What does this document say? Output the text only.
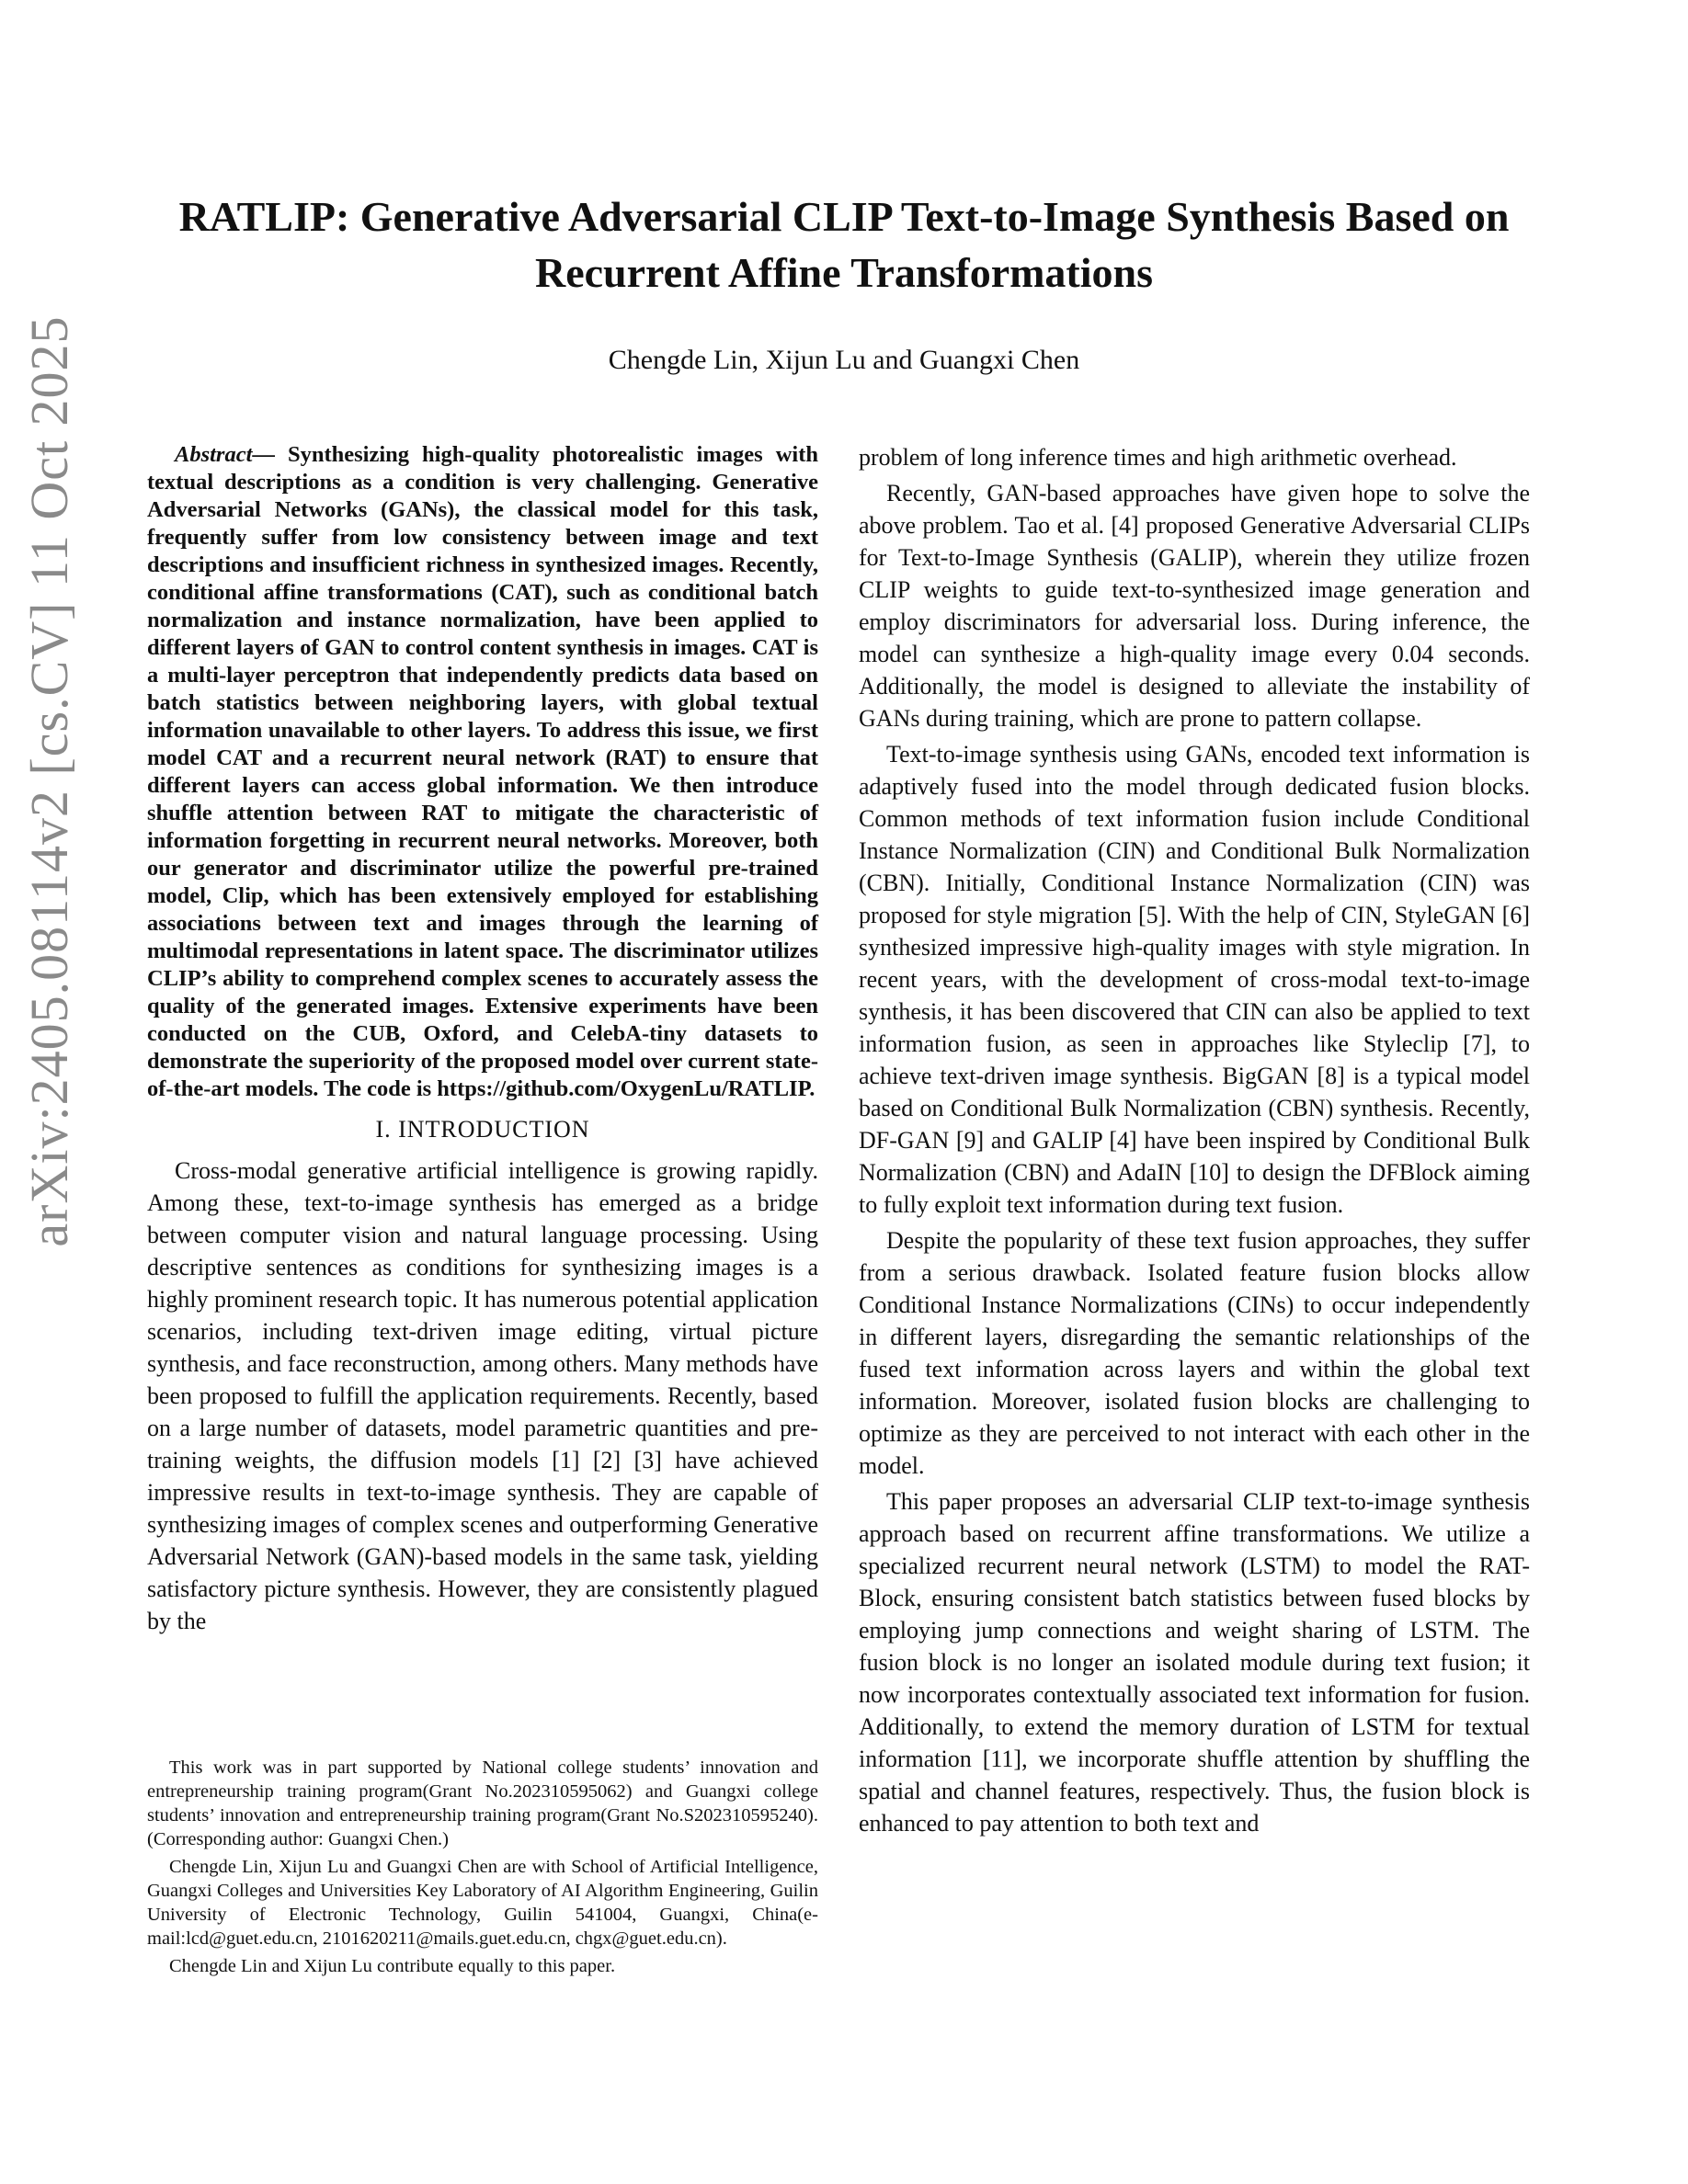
arXiv:2405.08114v2 [cs.CV] 11 Oct 2025
RATLIP: Generative Adversarial CLIP Text-to-Image Synthesis Based on Recurrent Affine Transformations
Chengde Lin, Xijun Lu and Guangxi Chen

Abstract— Synthesizing high-quality photorealistic images with textual descriptions as a condition is very challenging. Generative Adversarial Networks (GANs), the classical model for this task, frequently suffer from low consistency between image and text descriptions and insufficient richness in synthesized images. Recently, conditional affine transformations (CAT), such as conditional batch normalization and instance normalization, have been applied to different layers of GAN to control content synthesis in images. CAT is a multi-layer perceptron that independently predicts data based on batch statistics between neighboring layers, with global textual information unavailable to other layers. To address this issue, we first model CAT and a recurrent neural network (RAT) to ensure that different layers can access global information. We then introduce shuffle attention between RAT to mitigate the characteristic of information forgetting in recurrent neural networks. Moreover, both our generator and discriminator utilize the powerful pre-trained model, Clip, which has been extensively employed for establishing associations between text and images through the learning of multimodal representations in latent space. The discriminator utilizes CLIP’s ability to comprehend complex scenes to accurately assess the quality of the generated images. Extensive experiments have been conducted on the CUB, Oxford, and CelebA-tiny datasets to demonstrate the superiority of the proposed model over current state-of-the-art models. The code is https://github.com/OxygenLu/RATLIP.

I. INTRODUCTION

Cross-modal generative artificial intelligence is growing rapidly. Among these, text-to-image synthesis has emerged as a bridge between computer vision and natural language processing. Using descriptive sentences as conditions for synthesizing images is a highly prominent research topic. It has numerous potential application scenarios, including text-driven image editing, virtual picture synthesis, and face reconstruction, among others. Many methods have been proposed to fulfill the application requirements. Recently, based on a large number of datasets, model parametric quantities and pre-training weights, the diffusion models [1] [2] [3] have achieved impressive results in text-to-image synthesis. They are capable of synthesizing images of complex scenes and outperforming Generative Adversarial Network (GAN)-based models in the same task, yielding satisfactory picture synthesis. However, they are consistently plagued by the

This work was in part supported by National college students’ innovation and entrepreneurship training program(Grant No.202310595062) and Guangxi college students’ innovation and entrepreneurship training program(Grant No.S202310595240).(Corresponding author: Guangxi Chen.)

Chengde Lin, Xijun Lu and Guangxi Chen are with School of Artificial Intelligence, Guangxi Colleges and Universities Key Laboratory of AI Algorithm Engineering, Guilin University of Electronic Technology, Guilin 541004, Guangxi, China(e-mail:lcd@guet.edu.cn, 2101620211@mails.guet.edu.cn, chgx@guet.edu.cn).

Chengde Lin and Xijun Lu contribute equally to this paper.

problem of long inference times and high arithmetic overhead.

Recently, GAN-based approaches have given hope to solve the above problem. Tao et al. [4] proposed Generative Adversarial CLIPs for Text-to-Image Synthesis (GALIP), wherein they utilize frozen CLIP weights to guide text-to-synthesized image generation and employ discriminators for adversarial loss. During inference, the model can synthesize a high-quality image every 0.04 seconds. Additionally, the model is designed to alleviate the instability of GANs during training, which are prone to pattern collapse.

Text-to-image synthesis using GANs, encoded text information is adaptively fused into the model through dedicated fusion blocks. Common methods of text information fusion include Conditional Instance Normalization (CIN) and Conditional Bulk Normalization (CBN). Initially, Conditional Instance Normalization (CIN) was proposed for style migration [5]. With the help of CIN, StyleGAN [6] synthesized impressive high-quality images with style migration. In recent years, with the development of cross-modal text-to-image synthesis, it has been discovered that CIN can also be applied to text information fusion, as seen in approaches like Styleclip [7], to achieve text-driven image synthesis. BigGAN [8] is a typical model based on Conditional Bulk Normalization (CBN) synthesis. Recently, DF-GAN [9] and GALIP [4] have been inspired by Conditional Bulk Normalization (CBN) and AdaIN [10] to design the DFBlock aiming to fully exploit text information during text fusion.

Despite the popularity of these text fusion approaches, they suffer from a serious drawback. Isolated feature fusion blocks allow Conditional Instance Normalizations (CINs) to occur independently in different layers, disregarding the semantic relationships of the fused text information across layers and within the global text information. Moreover, isolated fusion blocks are challenging to optimize as they are perceived to not interact with each other in the model.

This paper proposes an adversarial CLIP text-to-image synthesis approach based on recurrent affine transformations. We utilize a specialized recurrent neural network (LSTM) to model the RAT-Block, ensuring consistent batch statistics between fused blocks by employing jump connections and weight sharing of LSTM. The fusion block is no longer an isolated module during text fusion; it now incorporates contextually associated text information for fusion. Additionally, to extend the memory duration of LSTM for textual information [11], we incorporate shuffle attention by shuffling the spatial and channel features, respectively. Thus, the fusion block is enhanced to pay attention to both text and
